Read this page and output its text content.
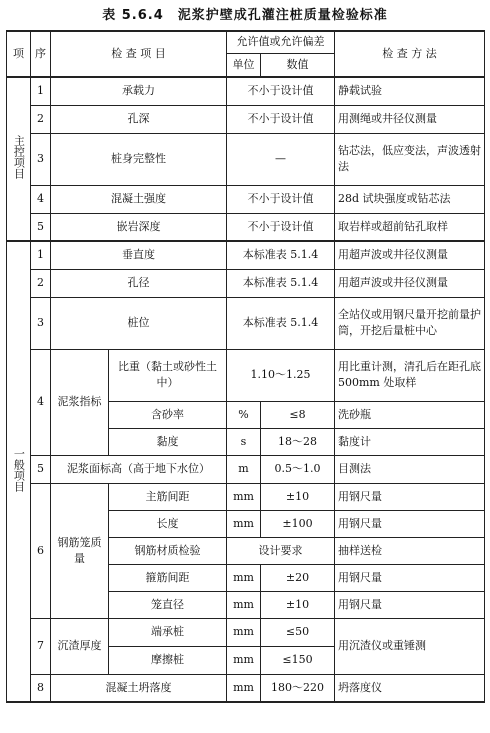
表 5.6.4　泥浆护壁成孔灌注桩质量检验标准
项	序	检 查 项 目		允许值或允许偏差		检 查 方 法
				单位	数值	
主控项目	1	承载力		不小于设计值		静载试验
	2	孔深		不小于设计值		用测绳或井径仪测量
	3	桩身完整性		—		钻芯法，低应变法，声波透射法
	4	混凝土强度		不小于设计值		28d 试块强度或钻芯法
	5	嵌岩深度		不小于设计值		取岩样或超前钻孔取样
一般项目	1	垂直度		本标准表 5.1.4		用超声波或井径仪测量
	2	孔径		本标准表 5.1.4		用超声波或井径仪测量
	3	桩位		本标准表 5.1.4		全站仪或用钢尺量开挖前量护筒，开挖后量桩中心
	4	泥浆指标	比重（黏土或砂性土中）	1.10～1.25		用比重计测，清孔后在距孔底 500mm 处取样
			含砂率	%	≤8	洗砂瓶
			黏度	s	18～28	黏度计
	5	泥浆面标高（高于地下水位）		m	0.5～1.0	目测法
	6	钢筋笼质量	主筋间距	mm	±10	用钢尺量
			长度	mm	±100	用钢尺量
			钢筋材质检验	设计要求		抽样送检
			箍筋间距	mm	±20	用钢尺量
			笼直径	mm	±10	用钢尺量
	7	沉渣厚度	端承桩	mm	≤50	用沉渣仪或重锤测
			摩擦桩	mm	≤150	
	8	混凝土坍落度		mm	180～220	坍落度仪
